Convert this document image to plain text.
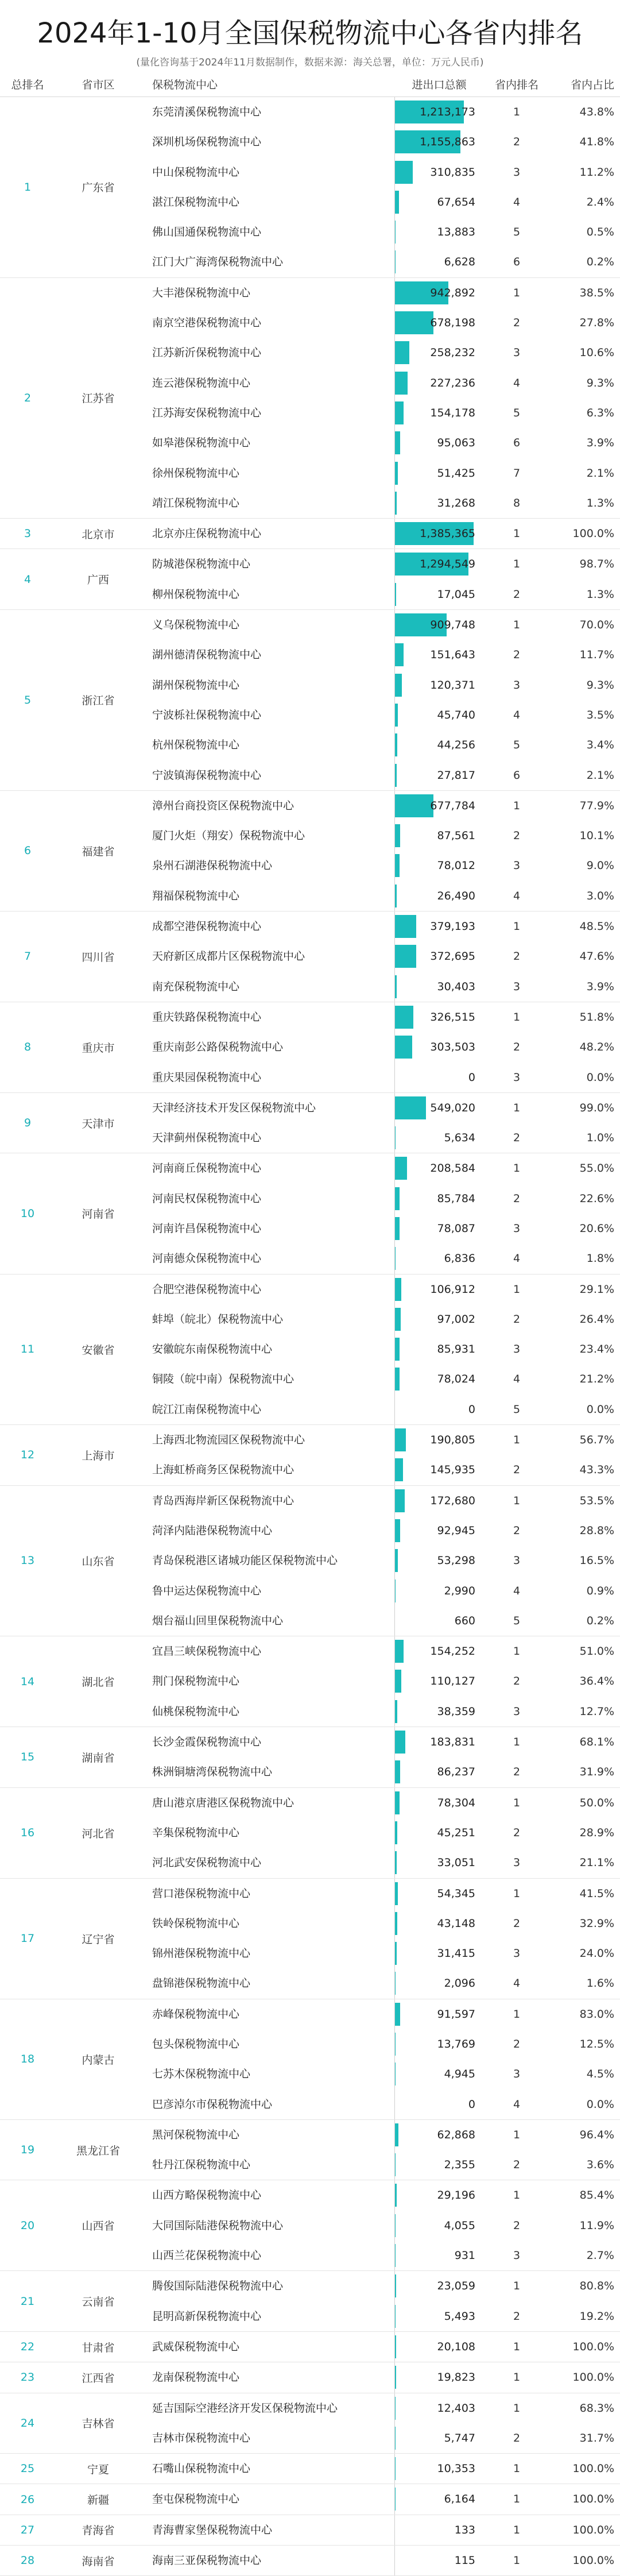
2024年1-10月全国保税物流中心各省内排名
(量化咨询基于2024年11月数据制作，数据来源：海关总署，单位：万元人民币)
总排名	省市区	保税物流中心	进出口总额	省内排名	省内占比
1	广东省
东莞清溪保税物流中心	1,213,173	1	43.8%
深圳机场保税物流中心	1,155,863	2	41.8%
中山保税物流中心	310,835	3	11.2%
湛江保税物流中心	67,654	4	2.4%
佛山国通保税物流中心	13,883	5	0.5%
江门大广海湾保税物流中心	6,628	6	0.2%
2	江苏省
大丰港保税物流中心	942,892	1	38.5%
南京空港保税物流中心	678,198	2	27.8%
江苏新沂保税物流中心	258,232	3	10.6%
连云港保税物流中心	227,236	4	9.3%
江苏海安保税物流中心	154,178	5	6.3%
如皋港保税物流中心	95,063	6	3.9%
徐州保税物流中心	51,425	7	2.1%
靖江保税物流中心	31,268	8	1.3%
3	北京市	北京亦庄保税物流中心	1,385,365	1	100.0%
4	广西
防城港保税物流中心	1,294,549	1	98.7%
柳州保税物流中心	17,045	2	1.3%
5	浙江省
义乌保税物流中心	909,748	1	70.0%
湖州德清保税物流中心	151,643	2	11.7%
湖州保税物流中心	120,371	3	9.3%
宁波栎社保税物流中心	45,740	4	3.5%
杭州保税物流中心	44,256	5	3.4%
宁波镇海保税物流中心	27,817	6	2.1%
6	福建省
漳州台商投资区保税物流中心	677,784	1	77.9%
厦门火炬（翔安）保税物流中心	87,561	2	10.1%
泉州石湖港保税物流中心	78,012	3	9.0%
翔福保税物流中心	26,490	4	3.0%
7	四川省
成都空港保税物流中心	379,193	1	48.5%
天府新区成都片区保税物流中心	372,695	2	47.6%
南充保税物流中心	30,403	3	3.9%
8	重庆市
重庆铁路保税物流中心	326,515	1	51.8%
重庆南彭公路保税物流中心	303,503	2	48.2%
重庆果园保税物流中心	0	3	0.0%
9	天津市
天津经济技术开发区保税物流中心	549,020	1	99.0%
天津蓟州保税物流中心	5,634	2	1.0%
10	河南省
河南商丘保税物流中心	208,584	1	55.0%
河南民权保税物流中心	85,784	2	22.6%
河南许昌保税物流中心	78,087	3	20.6%
河南德众保税物流中心	6,836	4	1.8%
11	安徽省
合肥空港保税物流中心	106,912	1	29.1%
蚌埠（皖北）保税物流中心	97,002	2	26.4%
安徽皖东南保税物流中心	85,931	3	23.4%
铜陵（皖中南）保税物流中心	78,024	4	21.2%
皖江江南保税物流中心	0	5	0.0%
12	上海市
上海西北物流园区保税物流中心	190,805	1	56.7%
上海虹桥商务区保税物流中心	145,935	2	43.3%
13	山东省
青岛西海岸新区保税物流中心	172,680	1	53.5%
菏泽内陆港保税物流中心	92,945	2	28.8%
青岛保税港区诸城功能区保税物流中心	53,298	3	16.5%
鲁中运达保税物流中心	2,990	4	0.9%
烟台福山回里保税物流中心	660	5	0.2%
14	湖北省
宜昌三峡保税物流中心	154,252	1	51.0%
荆门保税物流中心	110,127	2	36.4%
仙桃保税物流中心	38,359	3	12.7%
15	湖南省
长沙金霞保税物流中心	183,831	1	68.1%
株洲铜塘湾保税物流中心	86,237	2	31.9%
16	河北省
唐山港京唐港区保税物流中心	78,304	1	50.0%
辛集保税物流中心	45,251	2	28.9%
河北武安保税物流中心	33,051	3	21.1%
17	辽宁省
营口港保税物流中心	54,345	1	41.5%
铁岭保税物流中心	43,148	2	32.9%
锦州港保税物流中心	31,415	3	24.0%
盘锦港保税物流中心	2,096	4	1.6%
18	内蒙古
赤峰保税物流中心	91,597	1	83.0%
包头保税物流中心	13,769	2	12.5%
七苏木保税物流中心	4,945	3	4.5%
巴彦淖尔市保税物流中心	0	4	0.0%
19	黑龙江省
黑河保税物流中心	62,868	1	96.4%
牡丹江保税物流中心	2,355	2	3.6%
20	山西省
山西方略保税物流中心	29,196	1	85.4%
大同国际陆港保税物流中心	4,055	2	11.9%
山西兰花保税物流中心	931	3	2.7%
21	云南省
腾俊国际陆港保税物流中心	23,059	1	80.8%
昆明高新保税物流中心	5,493	2	19.2%
22	甘肃省	武威保税物流中心	20,108	1	100.0%
23	江西省	龙南保税物流中心	19,823	1	100.0%
24	吉林省
延吉国际空港经济开发区保税物流中心	12,403	1	68.3%
吉林市保税物流中心	5,747	2	31.7%
25	宁夏	石嘴山保税物流中心	10,353	1	100.0%
26	新疆	奎屯保税物流中心	6,164	1	100.0%
27	青海省	青海曹家堡保税物流中心	133	1	100.0%
28	海南省	海南三亚保税物流中心	115	1	100.0%
